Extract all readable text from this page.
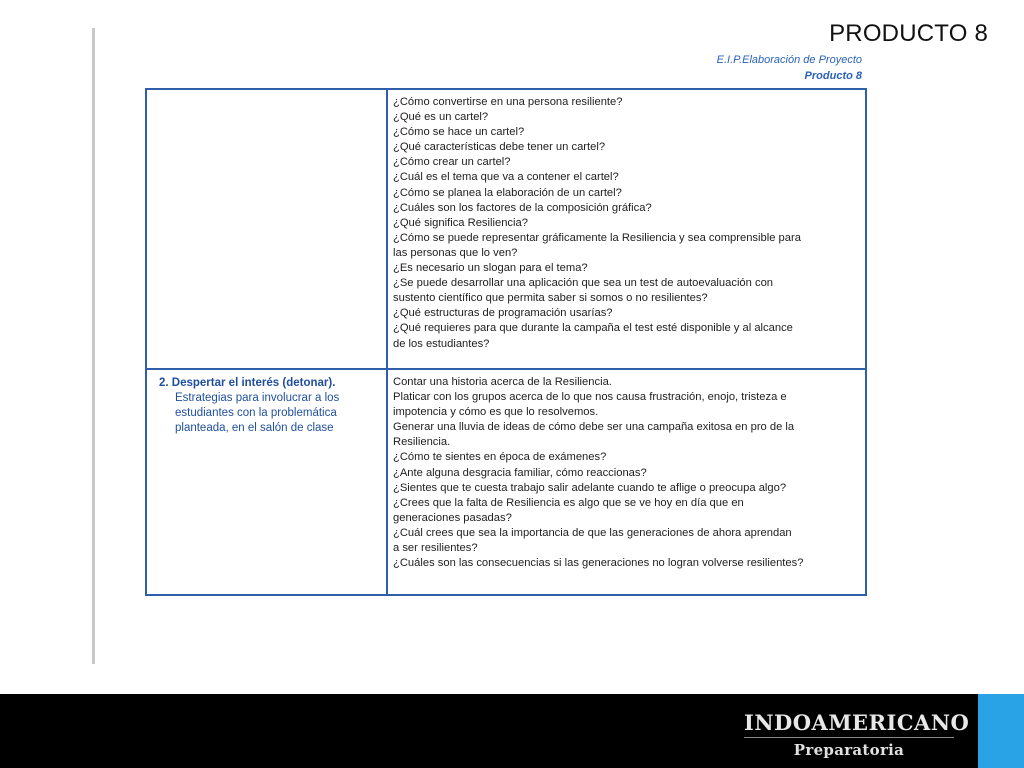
PRODUCTO 8
E.I.P.Elaboración de Proyecto
Producto 8
¿Cómo convertirse en una persona resiliente?
¿Qué es un cartel?
¿Cómo se hace un cartel?
¿Qué características debe tener un cartel?
¿Cómo crear un cartel?
¿Cuál es el tema que va a contener el cartel?
¿Cómo se planea la elaboración de un cartel?
¿Cuáles son los factores de la composición gráfica?
¿Qué significa Resiliencia?
¿Cómo se puede representar gráficamente la Resiliencia y sea comprensible para
las personas que lo ven?
¿Es necesario un slogan para el tema?
¿Se puede desarrollar una aplicación que sea un test de autoevaluación con
sustento científico que permita saber si somos o no resilientes?
¿Qué estructuras de programación usarías?
¿Qué requieres para que durante la campaña el test esté disponible y al alcance
de los estudiantes?
2. Despertar el interés (detonar).
Estrategias para involucrar a los
estudiantes con la problemática
planteada, en el salón de clase
Contar una historia acerca de la Resiliencia.
Platicar con los grupos acerca de lo que nos causa frustración, enojo, tristeza e
impotencia y cómo es que lo resolvemos.
Generar una lluvia de ideas de cómo debe ser una campaña exitosa en pro de la
Resiliencia.
¿Cómo te sientes en época de exámenes?
¿Ante alguna desgracia familiar, cómo reaccionas?
¿Sientes que te cuesta trabajo salir adelante cuando te aflige o preocupa algo?
¿Crees que la falta de Resiliencia es algo que se ve hoy en día que en
generaciones pasadas?
¿Cuál crees que sea la importancia de que las generaciones de ahora aprendan
a ser resilientes?
¿Cuáles son las consecuencias si las generaciones no logran volverse resilientes?
INDOAMERICANO
Preparatoria
